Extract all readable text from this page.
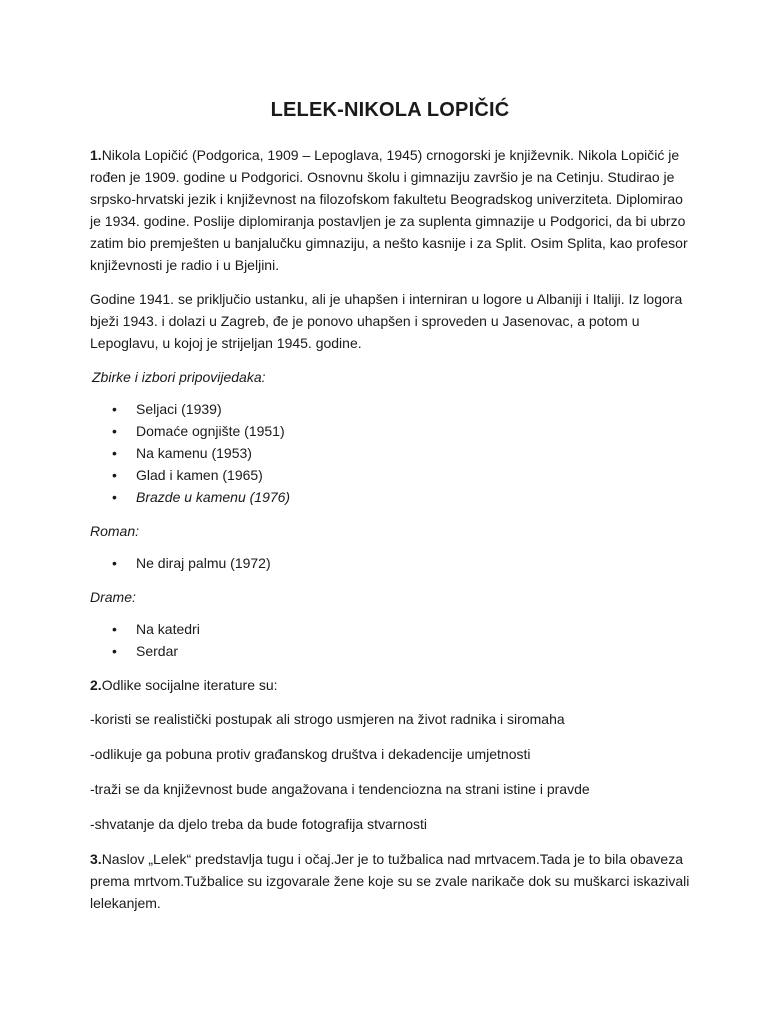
LELEK-NIKOLA LOPIČIĆ

1.Nikola Lopičić (Podgorica, 1909 – Lepoglava, 1945) crnogorski je književnik. Nikola Lopičić je rođen je 1909. godine u Podgorici. Osnovnu školu i gimnaziju završio je na Cetinju. Studirao je srpsko-hrvatski jezik i književnost na filozofskom fakultetu Beogradskog univerziteta. Diplomirao je 1934. godine. Poslije diplomiranja postavljen je za suplenta gimnazije u Podgorici, da bi ubrzo zatim bio premješten u banjalučku gimnaziju, a nešto kasnije i za Split. Osim Splita, kao profesor književnosti je radio i u Bjeljini.

Godine 1941. se priključio ustanku, ali je uhapšen i interniran u logore u Albaniji i Italiji. Iz logora bježi 1943. i dolazi u Zagreb, đe je ponovo uhapšen i sproveden u Jasenovac, a potom u Lepoglavu, u kojoj je strijeljan 1945. godine.

Zbirke i izbori pripovijedaka:

• Seljaci (1939)
• Domaće ognjište (1951)
• Na kamenu (1953)
• Glad i kamen (1965)
• Brazde u kamenu (1976)

Roman:

• Ne diraj palmu (1972)

Drame:

• Na katedri
• Serdar

2.Odlike socijalne iterature su:

-koristi se realistički postupak ali strogo usmjeren na život radnika i siromaha

-odlikuje ga pobuna protiv građanskog društva i dekadencije umjetnosti

-traži se da književnost bude angažovana i tendenciozna na strani istine i pravde

-shvatanje da djelo treba da bude fotografija stvarnosti

3.Naslov „Lelek“ predstavlja tugu i očaj.Jer je to tužbalica nad mrtvacem.Tada je to bila obaveza prema mrtvom.Tužbalice su izgovarale žene koje su se zvale narikače dok su muškarci iskazivali lelekanjem.
